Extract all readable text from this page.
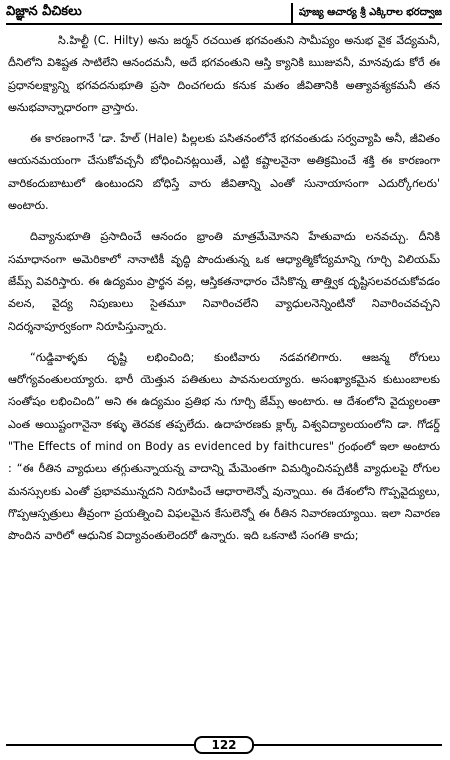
విజ్ఞాన వీచికలు	పూజ్య ఆచార్య శ్రీ ఎక్కిరాల భరద్వాజ

సి.హిల్టీ (C. Hilty) అను జర్మన్ రచయిత భగవంతుని సామీప్యం అనుభ వైక వేద్యమనీ, దీనిలోని విశిష్టత సాటిలేని ఆనందమనీ, అదే భగవంతుని ఆస్తి క్యానికి ఋజువనీ, మానవుడు కోరే ఈ ప్రధానలక్ష్యాన్ని భగవదనుభూతి ప్రసా దించగలదు కనుక మతం జీవితానికి అత్యావశ్యకమనీ తన అనుభవాన్నాధారంగా వ్రాస్తారు.

ఈ కారణంగానే 'డా. హేల్ (Hale) పిల్లలకు పసితనంలోనే భగవంతుడు సర్వవ్యాపి అనీ, జీవితం ఆయనమయంగా చేసుకోవచ్చనీ బోధించినట్లయితే, ఎట్టి కష్టాలనైనా అతిక్రమించే శక్తి ఈ కారణంగా వారికందుబాటులో ఉంటుందని బోధిస్తే వారు జీవితాన్ని ఎంతో సునాయాసంగా ఎదుర్కోగలరు' అంటారు.

దివ్యానుభూతి ప్రసాదించే ఆనందం భ్రాంతి మాత్రమేమోనని హేతువాదు లనవచ్చు. దీనికి సమాధానంగా అమెరికాలో నానాటికీ వృద్ధి పొందుతున్న ఒక ఆధ్యాత్మికోద్యమాన్ని గూర్చి విలియమ్ జేమ్స్ వివరిస్తారు. ఈ ఉద్యమం ప్రార్థన వల్ల, ఆస్తికతనాధారం చేసికొన్న తాత్త్విక దృష్టిసలవరచుకోవడం వలన, వైద్య నిపుణులు సైతమూ నివారించలేని వ్యాధులనెన్నింటినో నివారించవచ్చని నిదర్శనాపూర్వకంగా నిరూపిస్తున్నారు.

“గుడ్డివాళ్ళకు దృష్టి లభించింది; కుంటివారు నడవగలిగారు. ఆజన్మ రోగులు ఆరోగ్యవంతులయ్యారు. భారీ యెత్తున పతితులు పావనులయ్యారు. అసంఖ్యాకమైన కుటుంబాలకు సంతోషం లభించింది” అని ఈ ఉద్యమం ప్రతిభ ను గూర్చి జేమ్స్ అంటారు. ఆ దేశంలోని వైద్యులంతా ఎంత అయిష్టంగానైనా కళ్ళు తెరవక తప్పలేదు. ఉదాహరణకు క్లార్క్ విశ్వవిద్యాలయంలోని డా. గోడర్డ్ "The Effects of mind on Body as evidenced by faithcures" గ్రంథంలో ఇలా అంటారు : “ఈ రీతిన వ్యాధులు తగ్గుతున్నాయన్న వాదాన్ని మేమెంతగా విమర్శించినప్పటికీ వ్యాధులపై రోగుల మనస్సులకు ఎంతో ప్రభావమున్నదని నిరూపించే ఆధారాలెన్నో వున్నాయి. ఈ దేశంలోని గొప్పవైద్యులు, గొప్పఆస్పత్రులు తీవ్రంగా ప్రయత్నించి విఫలమైన కేసులెన్నో ఈ రీతిన నివారణయ్యాయి. ఇలా నివారణ పొందిన వారిలో ఆధునిక విద్యావంతులెందరో ఉన్నారు. ఇది ఒకనాటి సంగతి కాదు;

122
